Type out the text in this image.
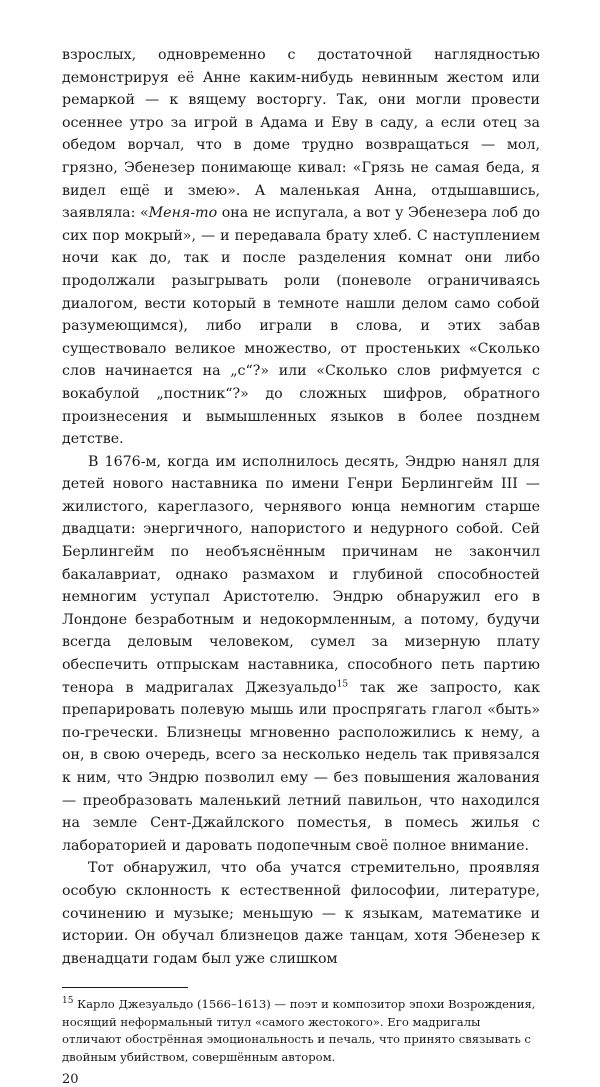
взрослых, одновременно с достаточной наглядностью демонстрируя её Анне каким-нибудь невинным жестом или ремаркой — к вящему восторгу. Так, они могли провести осеннее утро за игрой в Адама и Еву в саду, а если отец за обедом ворчал, что в доме трудно возвращаться — мол, грязно, Эбенезер понимающе кивал: «Грязь не самая беда, я видел ещё и змею». А маленькая Анна, отдышавшись, заявляла: «Меня-то она не испугала, а вот у Эбенезера лоб до сих пор мокрый», — и передавала брату хлеб. С наступлением ночи как до, так и после разделения комнат они либо продолжали разыгрывать роли (поневоле ограничиваясь диалогом, вести который в темноте нашли делом само собой разумеющимся), либо играли в слова, и этих забав существовало великое множество, от простеньких «Сколько слов начинается на „с“?» или «Сколько слов рифмуется с вокабулой „постник“?» до сложных шифров, обратного произнесения и вымышленных языков в более позднем детстве.

В 1676-м, когда им исполнилось десять, Эндрю нанял для детей нового наставника по имени Генри Берлингейм III — жилистого, кареглазого, чернявого юнца немногим старше двадцати: энергичного, напористого и недурного собой. Сей Берлингейм по необъяснённым причинам не закончил бакалавриат, однако размахом и глубиной способностей немногим уступал Аристотелю. Эндрю обнаружил его в Лондоне безработным и недокормленным, а потому, будучи всегда деловым человеком, сумел за мизерную плату обеспечить отпрыскам наставника, способного петь партию тенора в мадригалах Джезуальдо$^{15}$ так же запросто, как препарировать полевую мышь или проспрягать глагол «быть» по-гречески. Близнецы мгновенно расположились к нему, а он, в свою очередь, всего за несколько недель так привязался к ним, что Эндрю позволил ему — без повышения жалования — преобразовать маленький летний павильон, что находился на земле Сент-Джайлского поместья, в помесь жилья с лабораторией и даровать подопечным своё полное внимание.

Тот обнаружил, что оба учатся стремительно, проявляя особую склонность к естественной философии, литературе, сочинению и музыке; меньшую — к языкам, математике и истории. Он обучал близнецов даже танцам, хотя Эбенезер к двенадцати годам был уже слишком

$^{15}$ Карло Джезуальдо (1566–1613) — поэт и композитор эпохи Возрождения, носящий неформальный титул «самого жестокого». Его мадригалы отличают обострённая эмоциональность и печаль, что принято связывать с двойным убийством, совершённым автором.
20
